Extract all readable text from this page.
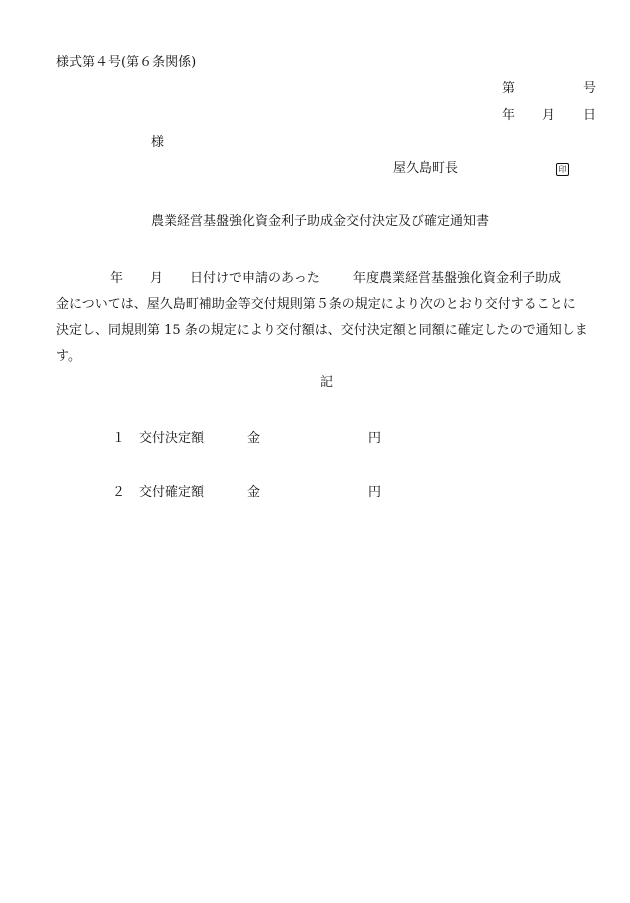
様式第４号(第６条関係)
第	号
年 月 日
様
屋久島町長	印
農業経営基盤強化資金利子助成金交付決定及び確定通知書
年 月 日付けで申請のあった	年度農業経営基盤強化資金利子助成
金については、屋久島町補助金等交付規則第５条の規定により次のとおり交付することに
決定し、同規則第 15 条の規定により交付額は、交付決定額と同額に確定したので通知しま
す。
記
１ 交付決定額	金	円
２ 交付確定額	金	円
